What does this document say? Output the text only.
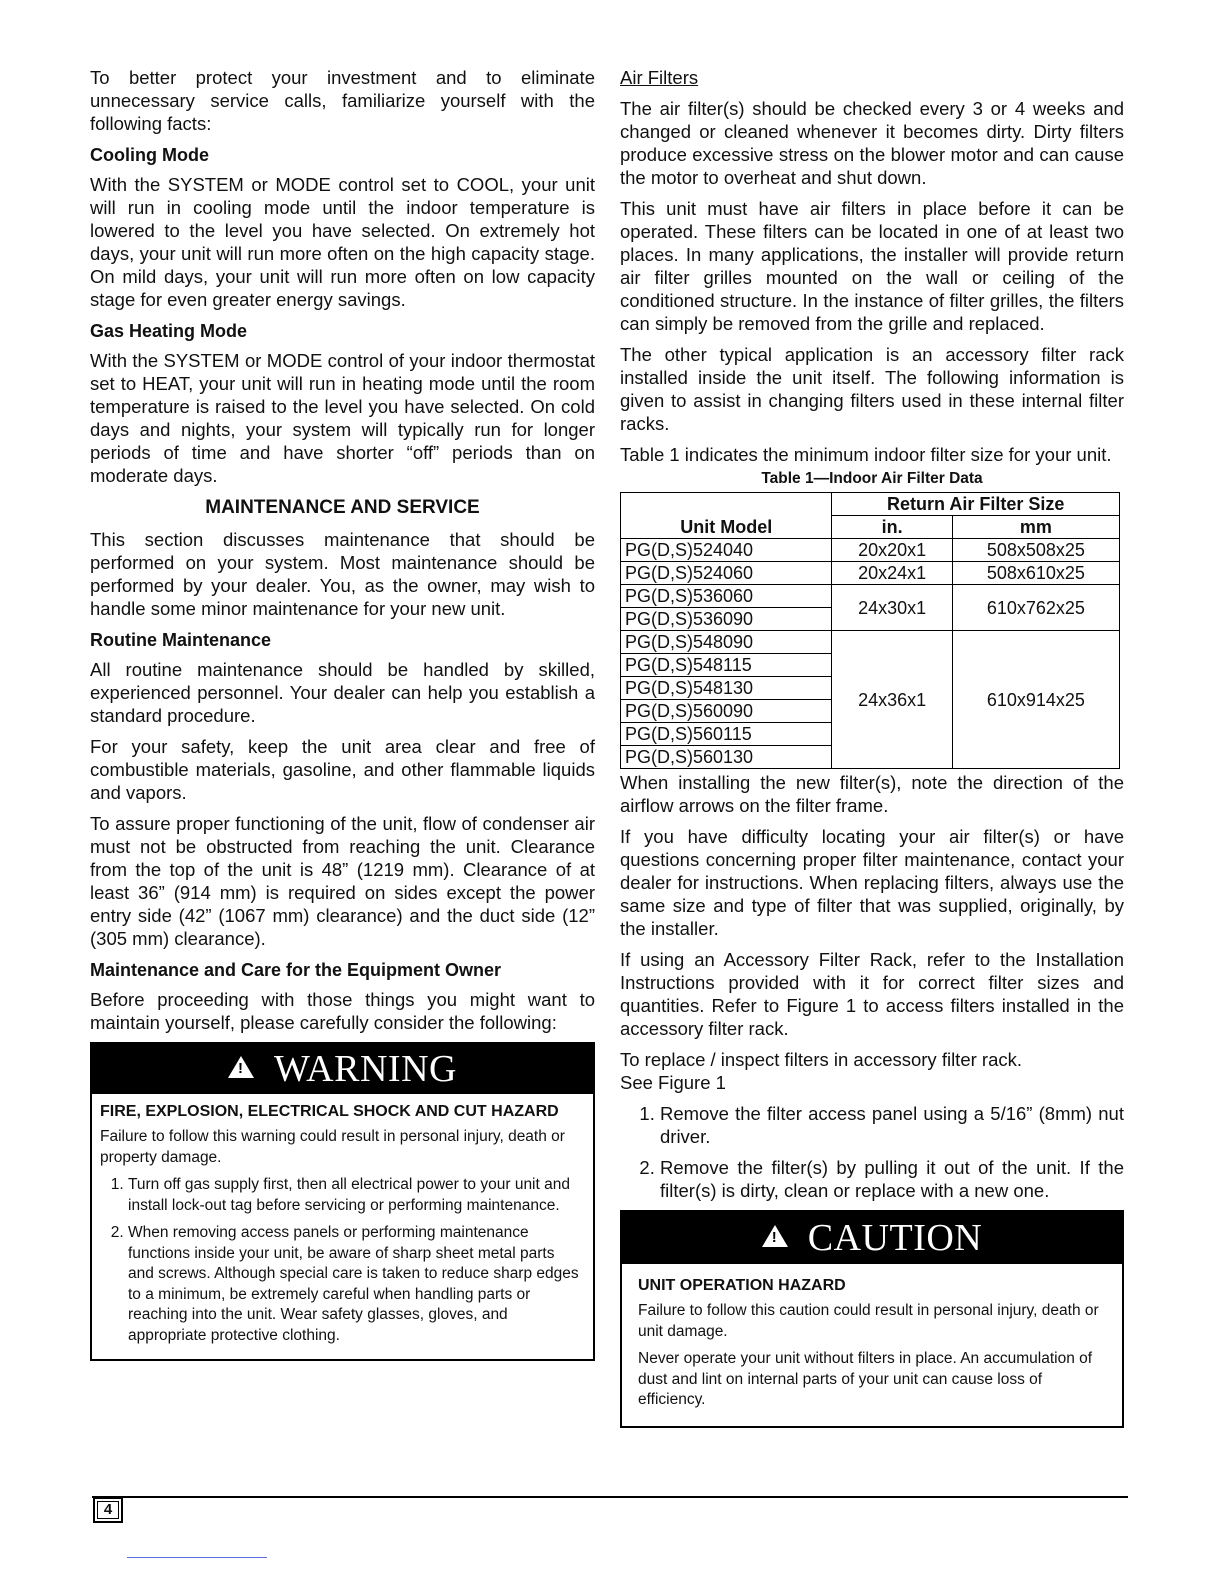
To better protect your investment and to eliminate unnecessary service calls, familiarize yourself with the following facts:

Cooling Mode

With the SYSTEM or MODE control set to COOL, your unit will run in cooling mode until the indoor temperature is lowered to the level you have selected. On extremely hot days, your unit will run more often on the high capacity stage. On mild days, your unit will run more often on low capacity stage for even greater energy savings.

Gas Heating Mode

With the SYSTEM or MODE control of your indoor thermostat set to HEAT, your unit will run in heating mode until the room temperature is raised to the level you have selected. On cold days and nights, your system will typically run for longer periods of time and have shorter “off” periods than on moderate days.

MAINTENANCE AND SERVICE

This section discusses maintenance that should be performed on your system. Most maintenance should be performed by your dealer. You, as the owner, may wish to handle some minor maintenance for your new unit.

Routine Maintenance

All routine maintenance should be handled by skilled, experienced personnel. Your dealer can help you establish a standard procedure.

For your safety, keep the unit area clear and free of combustible materials, gasoline, and other flammable liquids and vapors.

To assure proper functioning of the unit, flow of condenser air must not be obstructed from reaching the unit. Clearance from the top of the unit is 48” (1219 mm). Clearance of at least 36” (914 mm) is required on sides except the power entry side (42” (1067 mm) clearance) and the duct side (12” (305 mm) clearance).

Maintenance and Care for the Equipment Owner

Before proceeding with those things you might want to maintain yourself, please carefully consider the following:

!
WARNING
FIRE, EXPLOSION, ELECTRICAL SHOCK AND CUT HAZARD
Failure to follow this warning could result in personal injury, death or property damage.
1. Turn off gas supply first, then all electrical power to your unit and install lock-out tag before servicing or performing maintenance.
2. When removing access panels or performing maintenance functions inside your unit, be aware of sharp sheet metal parts and screws. Although special care is taken to reduce sharp edges to a minimum, be extremely careful when handling parts or reaching into the unit. Wear safety glasses, gloves, and appropriate protective clothing.
Air Filters

The air filter(s) should be checked every 3 or 4 weeks and changed or cleaned whenever it becomes dirty. Dirty filters produce excessive stress on the blower motor and can cause the motor to overheat and shut down.

This unit must have air filters in place before it can be operated. These filters can be located in one of at least two places. In many applications, the installer will provide return air filter grilles mounted on the wall or ceiling of the conditioned structure. In the instance of filter grilles, the filters can simply be removed from the grille and replaced.

The other typical application is an accessory filter rack installed inside the unit itself. The following information is given to assist in changing filters used in these internal filter racks.

Table 1 indicates the minimum indoor filter size for your unit.

Table 1—Indoor Air Filter Data
Unit Model	Return Air Filter Size	
	in.	mm
PG(D,S)524040	20x20x1	508x508x25
PG(D,S)524060	20x24x1	508x610x25
PG(D,S)536060	24x30x1	610x762x25
PG(D,S)536090		
PG(D,S)548090	24x36x1	610x914x25
PG(D,S)548115		
PG(D,S)548130		
PG(D,S)560090		
PG(D,S)560115		
PG(D,S)560130		

When installing the new filter(s), note the direction of the airflow arrows on the filter frame.

If you have difficulty locating your air filter(s) or have questions concerning proper filter maintenance, contact your dealer for instructions. When replacing filters, always use the same size and type of filter that was supplied, originally, by the installer.

If using an Accessory Filter Rack, refer to the Installation Instructions provided with it for correct filter sizes and quantities. Refer to Figure 1 to access filters installed in the accessory filter rack.

To replace / inspect filters in accessory filter rack.

See Figure 1

1. Remove the filter access panel using a 5/16” (8mm) nut driver.
2. Remove the filter(s) by pulling it out of the unit. If the filter(s) is dirty, clean or replace with a new one.
!
CAUTION
UNIT OPERATION HAZARD
Failure to follow this caution could result in personal injury, death or unit damage.
Never operate your unit without filters in place. An accumulation of dust and lint on internal parts of your unit can cause loss of efficiency.
4
